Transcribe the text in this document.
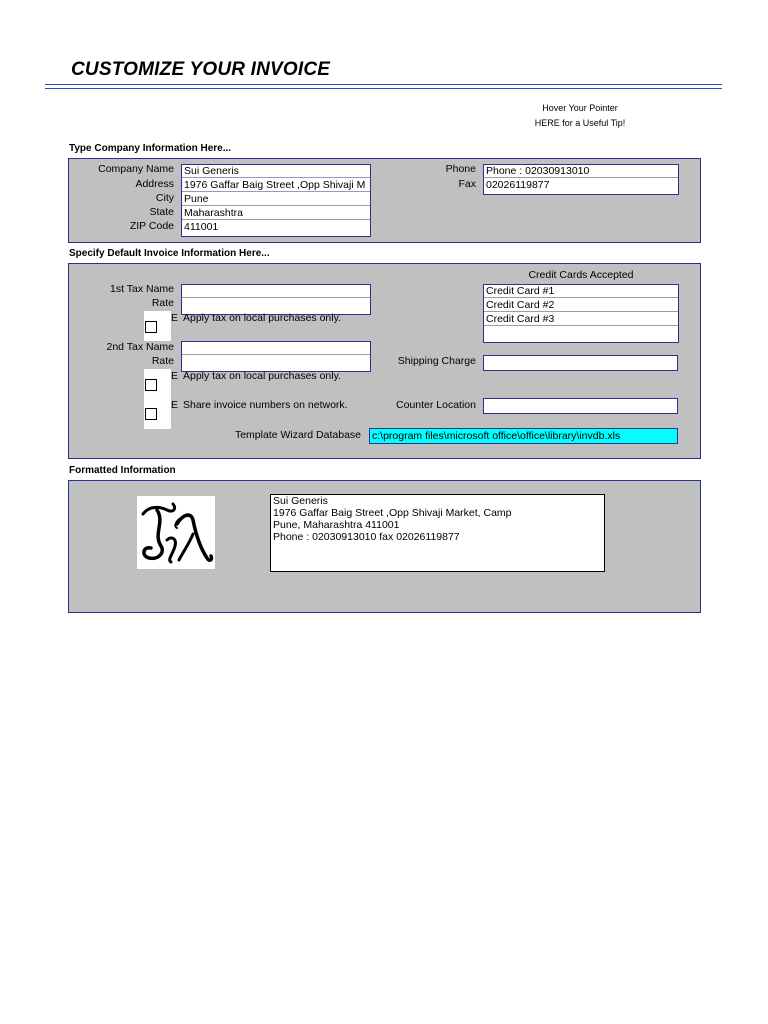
CUSTOMIZE YOUR INVOICE
Hover Your Pointer
HERE for a Useful Tip!
Type Company Information Here...
Company Name
Address
City
State
ZIP Code
Sui Generis
1976 Gaffar Baig Street ,Opp Shivaji M
Pune
Maharashtra
411001
Phone
Fax
Phone : 02030913010
02026119877
Specify Default Invoice Information Here...
1st Tax Name
Rate
E Apply tax on local purchases only.
2nd Tax Name
Rate
E Apply tax on local purchases only.
E Share invoice numbers on network.
Credit Cards Accepted
Credit Card #1
Credit Card #2
Credit Card #3
Shipping Charge
Counter Location
Template Wizard Database c:\program files\microsoft office\office\library\invdb.xls
Formatted Information
Sui Generis
1976 Gaffar Baig Street ,Opp Shivaji Market, Camp
Pune, Maharashtra 411001
Phone : 02030913010 fax 02026119877
